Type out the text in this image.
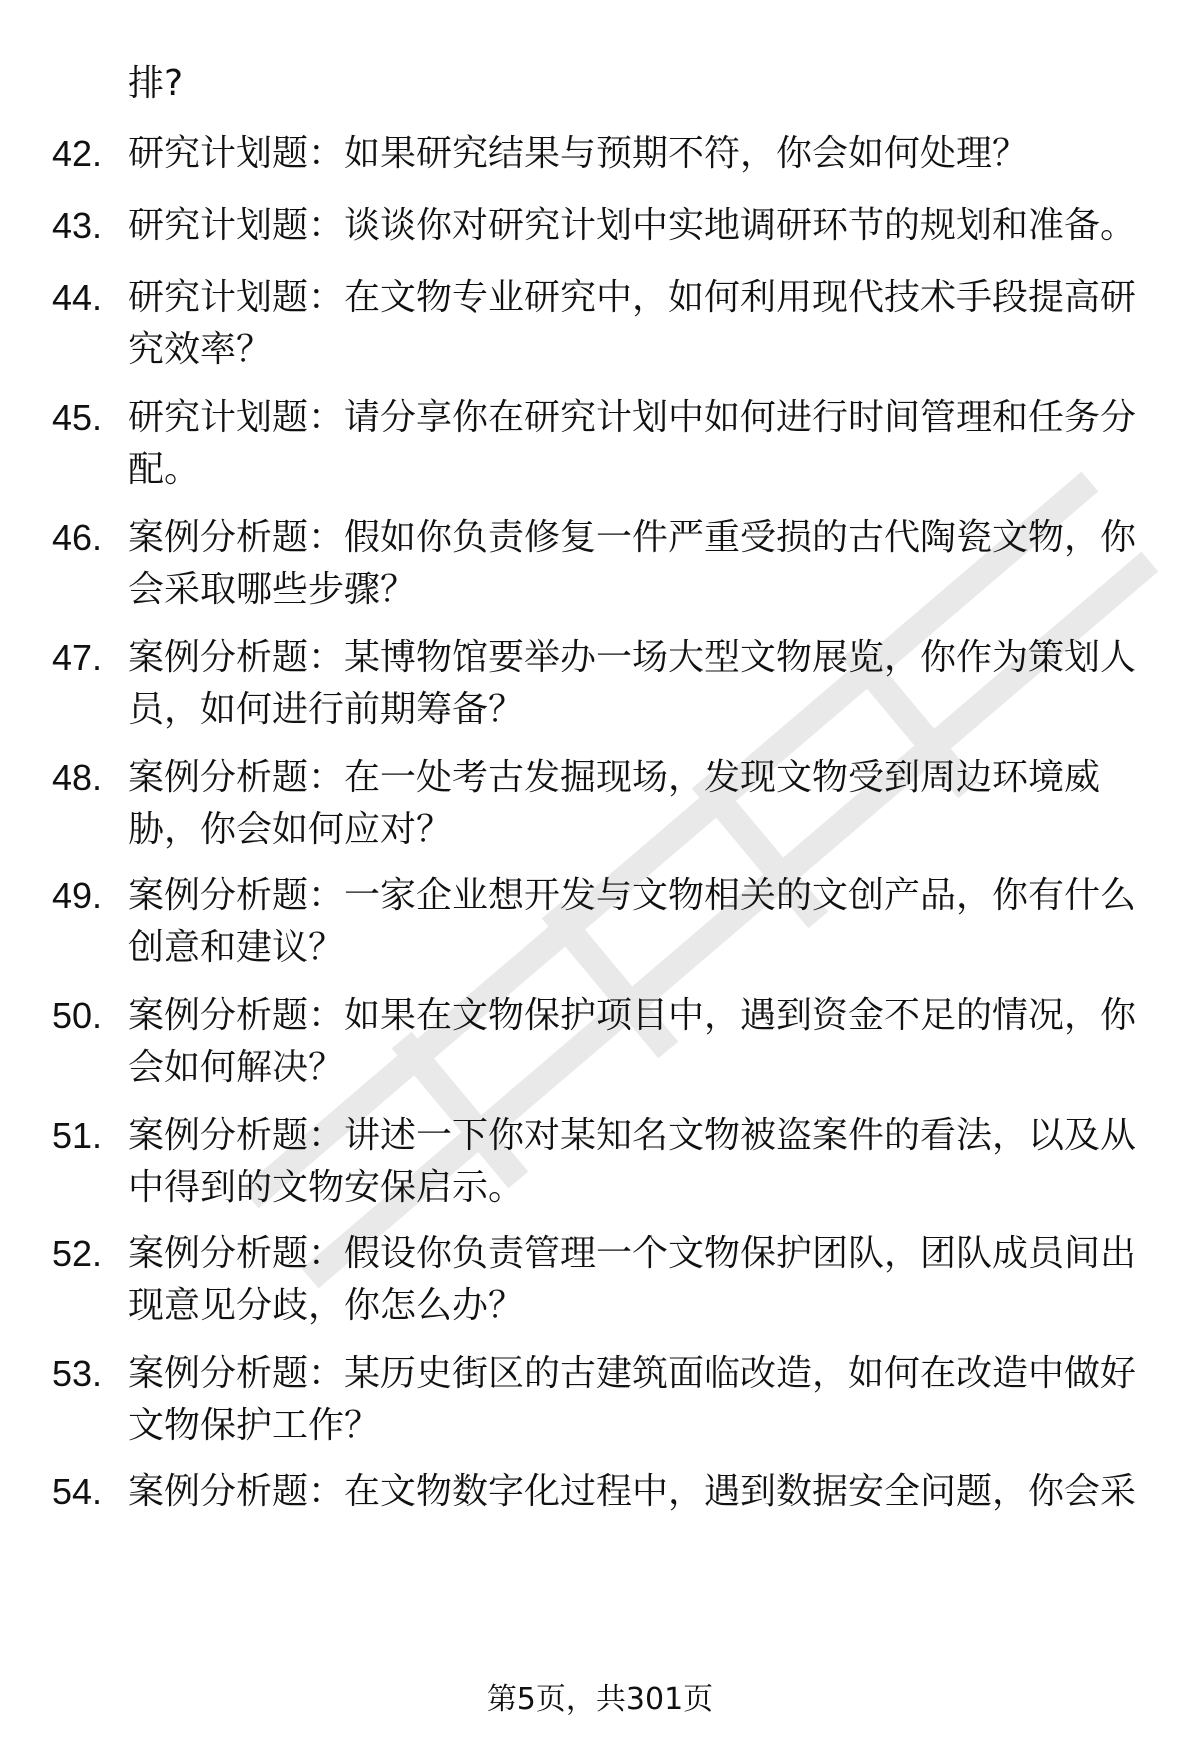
排?
42. 研究计划题：如果研究结果与预期不符，你会如何处理？
43. 研究计划题：谈谈你对研究计划中实地调研环节的规划和准备。
44. 研究计划题：在文物专业研究中，如何利用现代技术手段提高研究效率？
45. 研究计划题：请分享你在研究计划中如何进行时间管理和任务分配。
46. 案例分析题：假如你负责修复一件严重受损的古代陶瓷文物，你会采取哪些步骤？
47. 案例分析题：某博物馆要举办一场大型文物展览，你作为策划人员，如何进行前期筹备？
48. 案例分析题：在一处考古发掘现场，发现文物受到周边环境威胁，你会如何应对？
49. 案例分析题：一家企业想开发与文物相关的文创产品，你有什么创意和建议？
50. 案例分析题：如果在文物保护项目中，遇到资金不足的情况，你会如何解决？
51. 案例分析题：讲述一下你对某知名文物被盗案件的看法，以及从中得到的文物安保启示。
52. 案例分析题：假设你负责管理一个文物保护团队，团队成员间出现意见分歧，你怎么办？
53. 案例分析题：某历史街区的古建筑面临改造，如何在改造中做好文物保护工作？
54. 案例分析题：在文物数字化过程中，遇到数据安全问题，你会采
第5页，共301页
